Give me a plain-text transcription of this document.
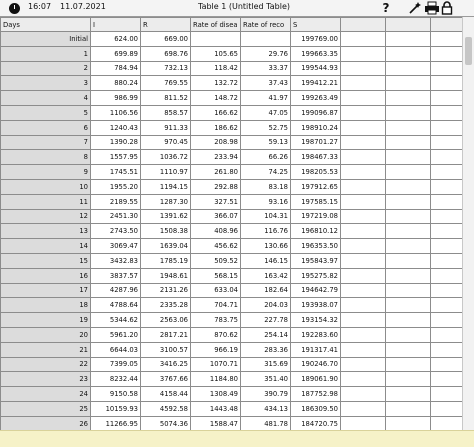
16:07 11.07.2021	Table 1 (Untitled Table)	?
Days	I	R	Rate of disea	Rate of reco	S			
Initial	624.00	669.00			199769.00			
1	699.89	698.76	105.65	29.76	199663.35			
2	784.94	732.13	118.42	33.37	199544.93			
3	880.24	769.55	132.72	37.43	199412.21			
4	986.99	811.52	148.72	41.97	199263.49			
5	1106.56	858.57	166.62	47.05	199096.87			
6	1240.43	911.33	186.62	52.75	198910.24			
7	1390.28	970.45	208.98	59.13	198701.27			
8	1557.95	1036.72	233.94	66.26	198467.33			
9	1745.51	1110.97	261.80	74.25	198205.53			
10	1955.20	1194.15	292.88	83.18	197912.65			
11	2189.55	1287.30	327.51	93.16	197585.15			
12	2451.30	1391.62	366.07	104.31	197219.08			
13	2743.50	1508.38	408.96	116.76	196810.12			
14	3069.47	1639.04	456.62	130.66	196353.50			
15	3432.83	1785.19	509.52	146.15	195843.97			
16	3837.57	1948.61	568.15	163.42	195275.82			
17	4287.96	2131.26	633.04	182.64	194642.79			
18	4788.64	2335.28	704.71	204.03	193938.07			
19	5344.62	2563.06	783.75	227.78	193154.32			
20	5961.20	2817.21	870.62	254.14	192283.60			
21	6644.03	3100.57	966.19	283.36	191317.41			
22	7399.05	3416.25	1070.71	315.69	190246.70			
23	8232.44	3767.66	1184.80	351.40	189061.90			
24	9150.58	4158.44	1308.49	390.79	187752.98			
25	10159.93	4592.58	1443.48	434.13	186309.50			
26	11266.95	5074.36	1588.47	481.78	184720.75			
